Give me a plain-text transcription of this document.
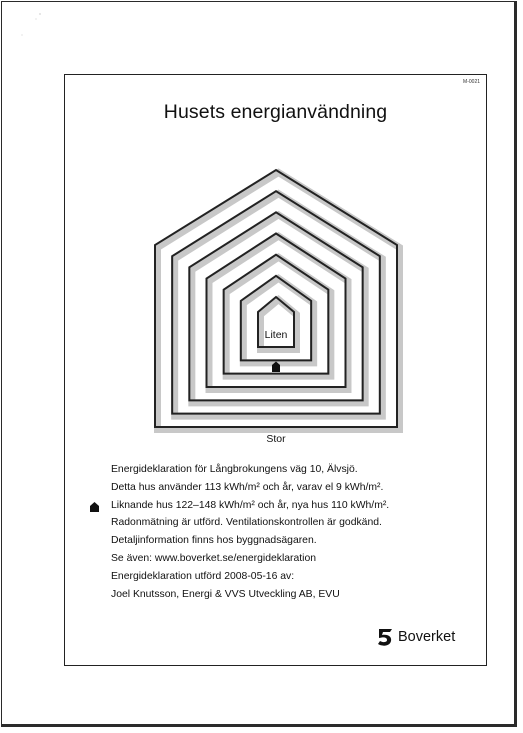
M-0021
Husets energianvändning
Liten
Stor
Energideklaration för Långbrokungens väg 10, Älvsjö.
Detta hus använder 113 kWh/m² och år, varav el 9 kWh/m².
Liknande hus 122–148 kWh/m² och år, nya hus 110 kWh/m².
Radonmätning är utförd. Ventilationskontrollen är godkänd.
Detaljinformation finns hos byggnadsägaren.
Se även: www.boverket.se/energideklaration
Energideklaration utförd 2008-05-16 av:
Joel Knutsson, Energi & VVS Utveckling AB, EVU
Boverket
